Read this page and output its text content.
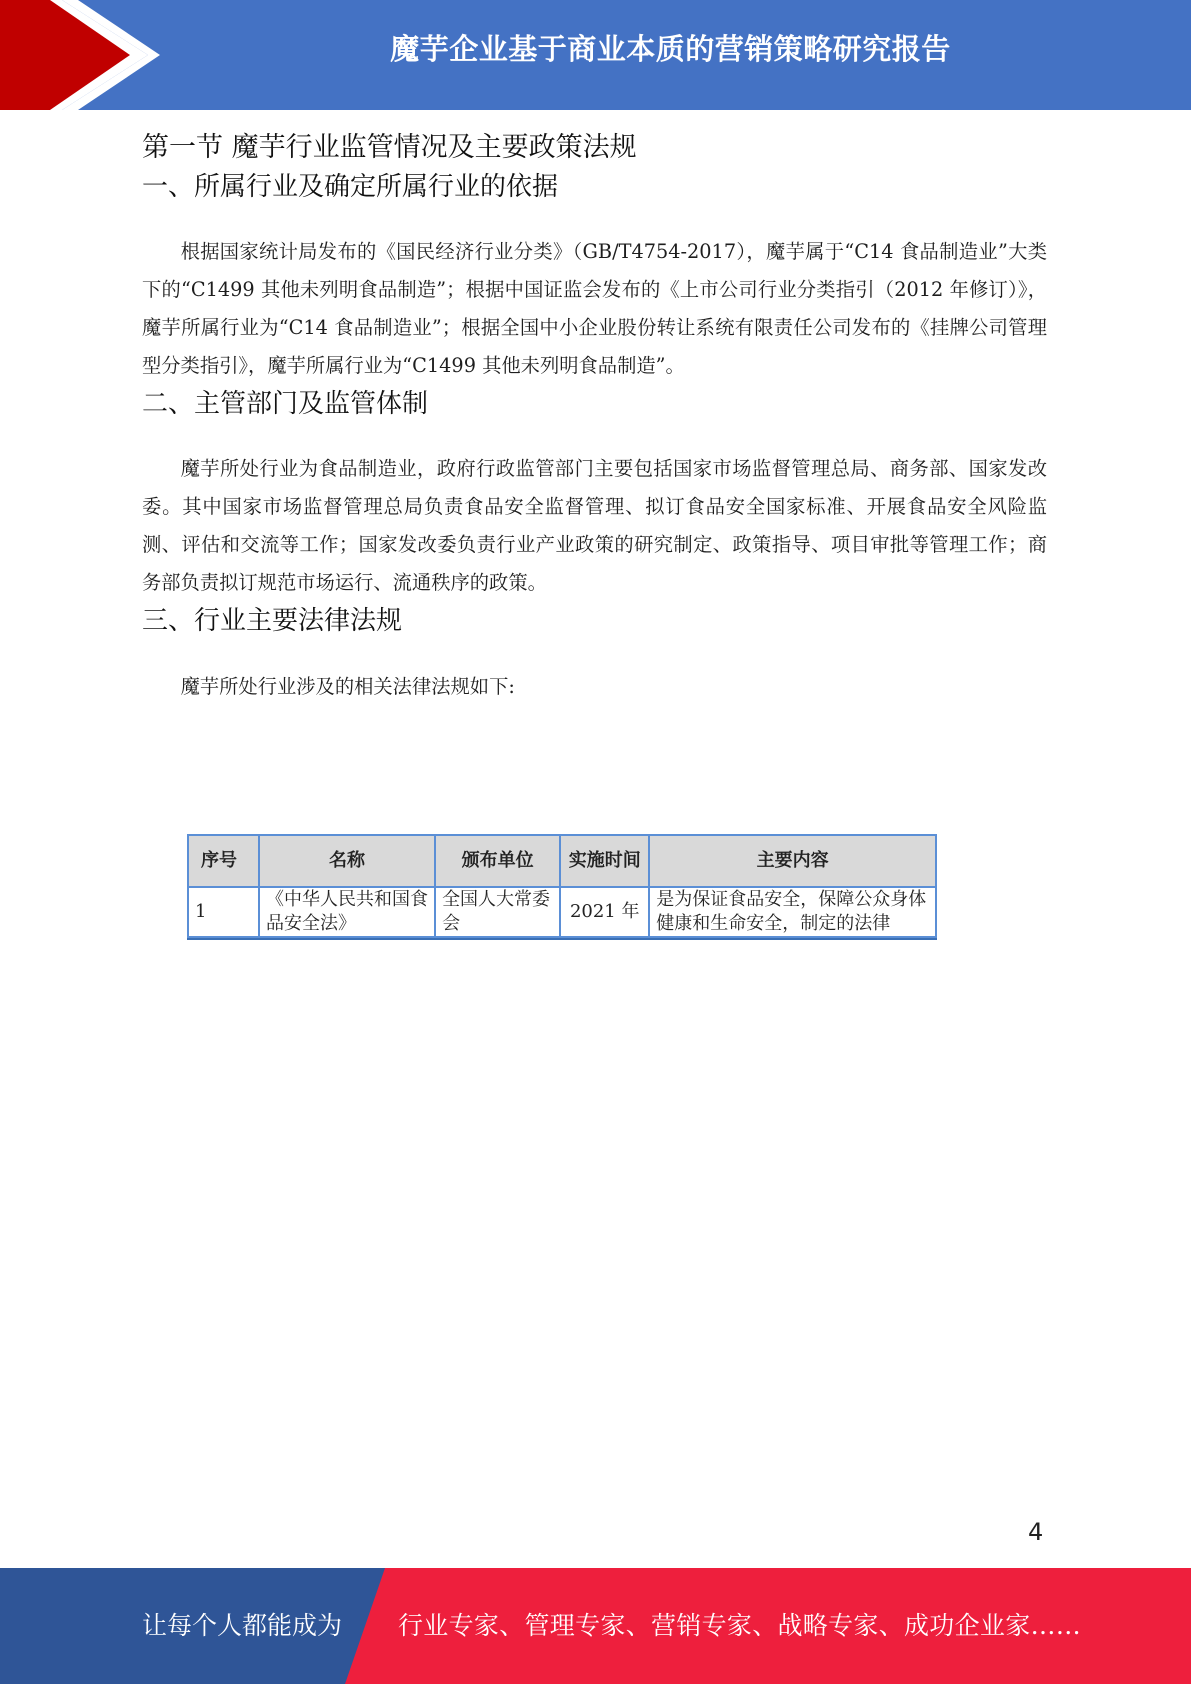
魔芋企业基于商业本质的营销策略研究报告
第一节 魔芋行业监管情况及主要政策法规
一、所属行业及确定所属行业的依据

根据国家统计局发布的《国民经济行业分类》（GB/T4754-2017），魔芋属于“C14 食品制造业”大类下的“C1499 其他未列明食品制造”；根据中国证监会发布的《上市公司行业分类指引（2012 年修订）》，魔芋所属行业为“C14 食品制造业”；根据全国中小企业股份转让系统有限责任公司发布的《挂牌公司管理型分类指引》，魔芋所属行业为“C1499 其他未列明食品制造”。

二、主管部门及监管体制

魔芋所处行业为食品制造业，政府行政监管部门主要包括国家市场监督管理总局、商务部、国家发改委。其中国家市场监督管理总局负责食品安全监督管理、拟订食品安全国家标准、开展食品安全风险监测、评估和交流等工作；国家发改委负责行业产业政策的研究制定、政策指导、项目审批等管理工作；商务部负责拟订规范市场运行、流通秩序的政策。

三、行业主要法律法规

魔芋所处行业涉及的相关法律法规如下:

序号	名称	颁布单位	实施时间	主要内容
1	《中华人民共和国食品安全法》	全国人大常委会	2021 年	是为保证食品安全，保障公众身体健康和生命安全，制定的法律
4
让每个人都能成为 行业专家、管理专家、营销专家、战略专家、成功企业家……
